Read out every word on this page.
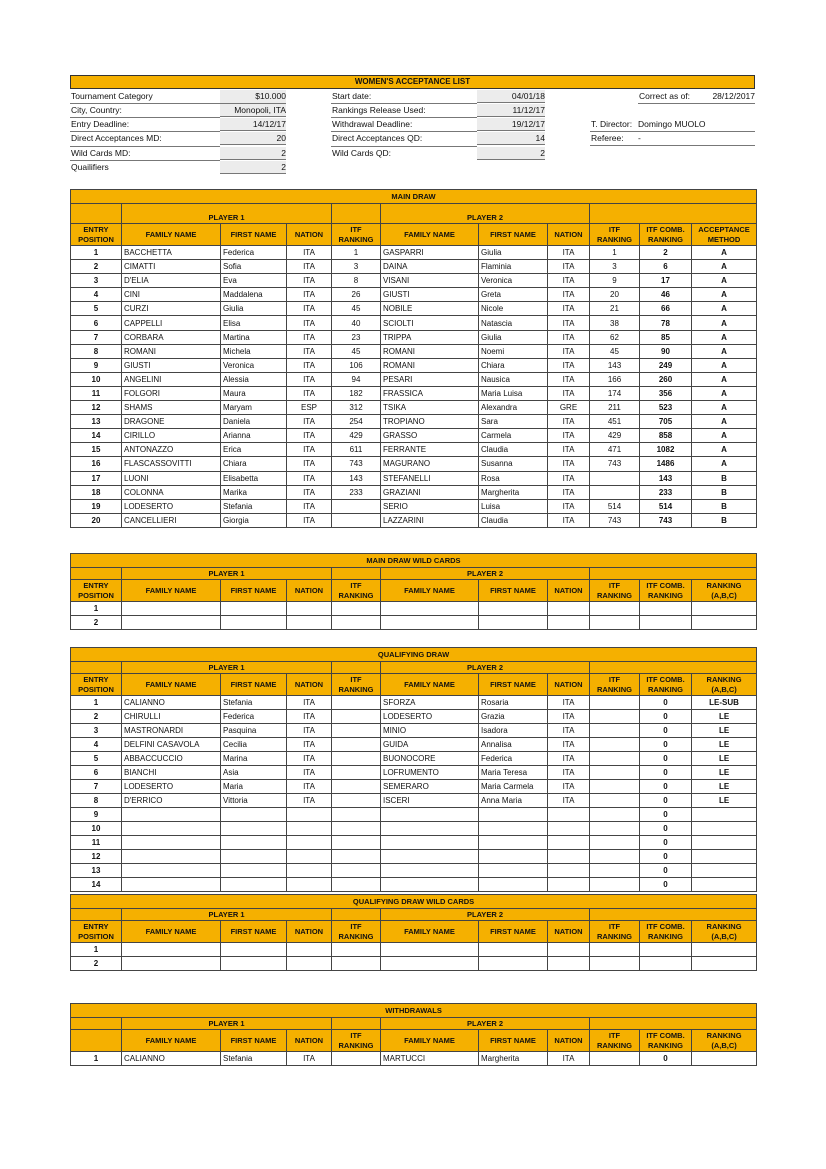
WOMEN'S ACCEPTANCE LIST
Tournament Category	$10.000
City, Country:	Monopoli, ITA
Entry Deadline:	14/12/17
Direct Acceptances MD:	20
Wild Cards MD:	2
Quailifiers	2
Start date:	04/01/18
Rankings Release Used:	11/12/17
Withdrawal Deadline:	19/12/17
Direct Acceptances QD:	14
Wild Cards QD:	2
Correct as of:	28/12/2017
T. Director: Domingo MUOLO
Referee: -
MAIN DRAW										
	PLAYER 1				PLAYER 2					
ENTRY POSITION	FAMILY NAME	FIRST NAME	NATION	ITF RANKING	FAMILY NAME	FIRST NAME	NATION	ITF RANKING	ITF COMB. RANKING	ACCEPTANCE METHOD
1	BACCHETTA	Federica	ITA	1	GASPARRI	Giulia	ITA	1	2	A
2	CIMATTI	Sofia	ITA	3	DAINA	Flaminia	ITA	3	6	A
3	D'ELIA	Eva	ITA	8	VISANI	Veronica	ITA	9	17	A
4	CINI	Maddalena	ITA	26	GIUSTI	Greta	ITA	20	46	A
5	CURZI	Giulia	ITA	45	NOBILE	Nicole	ITA	21	66	A
6	CAPPELLI	Elisa	ITA	40	SCIOLTI	Natascia	ITA	38	78	A
7	CORBARA	Martina	ITA	23	TRIPPA	Giulia	ITA	62	85	A
8	ROMANI	Michela	ITA	45	ROMANI	Noemi	ITA	45	90	A
9	GIUSTI	Veronica	ITA	106	ROMANI	Chiara	ITA	143	249	A
10	ANGELINI	Alessia	ITA	94	PESARI	Nausica	ITA	166	260	A
11	FOLGORI	Maura	ITA	182	FRASSICA	Maria Luisa	ITA	174	356	A
12	SHAMS	Maryam	ESP	312	TSIKA	Alexandra	GRE	211	523	A
13	DRAGONE	Daniela	ITA	254	TROPIANO	Sara	ITA	451	705	A
14	CIRILLO	Arianna	ITA	429	GRASSO	Carmela	ITA	429	858	A
15	ANTONAZZO	Erica	ITA	611	FERRANTE	Claudia	ITA	471	1082	A
16	FLASCASSOVITTI	Chiara	ITA	743	MAGURANO	Susanna	ITA	743	1486	A
17	LUONI	Elisabetta	ITA	143	STEFANELLI	Rosa	ITA		143	B
18	COLONNA	Marika	ITA	233	GRAZIANI	Margherita	ITA		233	B
19	LODESERTO	Stefania	ITA		SERIO	Luisa	ITA	514	514	B
20	CANCELLIERI	Giorgia	ITA		LAZZARINI	Claudia	ITA	743	743	B
MAIN DRAW WILD CARDS										
	PLAYER 1				PLAYER 2					
ENTRY POSITION	FAMILY NAME	FIRST NAME	NATION	ITF RANKING	FAMILY NAME	FIRST NAME	NATION	ITF RANKING	ITF COMB. RANKING	RANKING (A,B,C)
1										
2										
QUALIFYING DRAW										
	PLAYER 1				PLAYER 2					
ENTRY POSITION	FAMILY NAME	FIRST NAME	NATION	ITF RANKING	FAMILY NAME	FIRST NAME	NATION	ITF RANKING	ITF COMB. RANKING	RANKING (A,B,C)
1	CALIANNO	Stefania	ITA		SFORZA	Rosaria	ITA		0	LE-SUB
2	CHIRULLI	Federica	ITA		LODESERTO	Grazia	ITA		0	LE
3	MASTRONARDI	Pasquina	ITA		MINIO	Isadora	ITA		0	LE
4	DELFINI CASAVOLA	Cecilia	ITA		GUIDA	Annalisa	ITA		0	LE
5	ABBACCUCCIO	Marina	ITA		BUONOCORE	Federica	ITA		0	LE
6	BIANCHI	Asia	ITA		LOFRUMENTO	Maria Teresa	ITA		0	LE
7	LODESERTO	Maria	ITA		SEMERARO	Maria Carmela	ITA		0	LE
8	D'ERRICO	Vittoria	ITA		ISCERI	Anna Maria	ITA		0	LE
9									0	
10									0	
11									0	
12									0	
13									0	
14									0	
QUALIFYING DRAW WILD CARDS										
	PLAYER 1				PLAYER 2					
ENTRY POSITION	FAMILY NAME	FIRST NAME	NATION	ITF RANKING	FAMILY NAME	FIRST NAME	NATION	ITF RANKING	ITF COMB. RANKING	RANKING (A,B,C)
1										
2										
WITHDRAWALS										
	PLAYER 1				PLAYER 2					
	FAMILY NAME	FIRST NAME	NATION	ITF RANKING	FAMILY NAME	FIRST NAME	NATION	ITF RANKING	ITF COMB. RANKING	RANKING (A,B,C)
1	CALIANNO	Stefania	ITA		MARTUCCI	Margherita	ITA		0	
